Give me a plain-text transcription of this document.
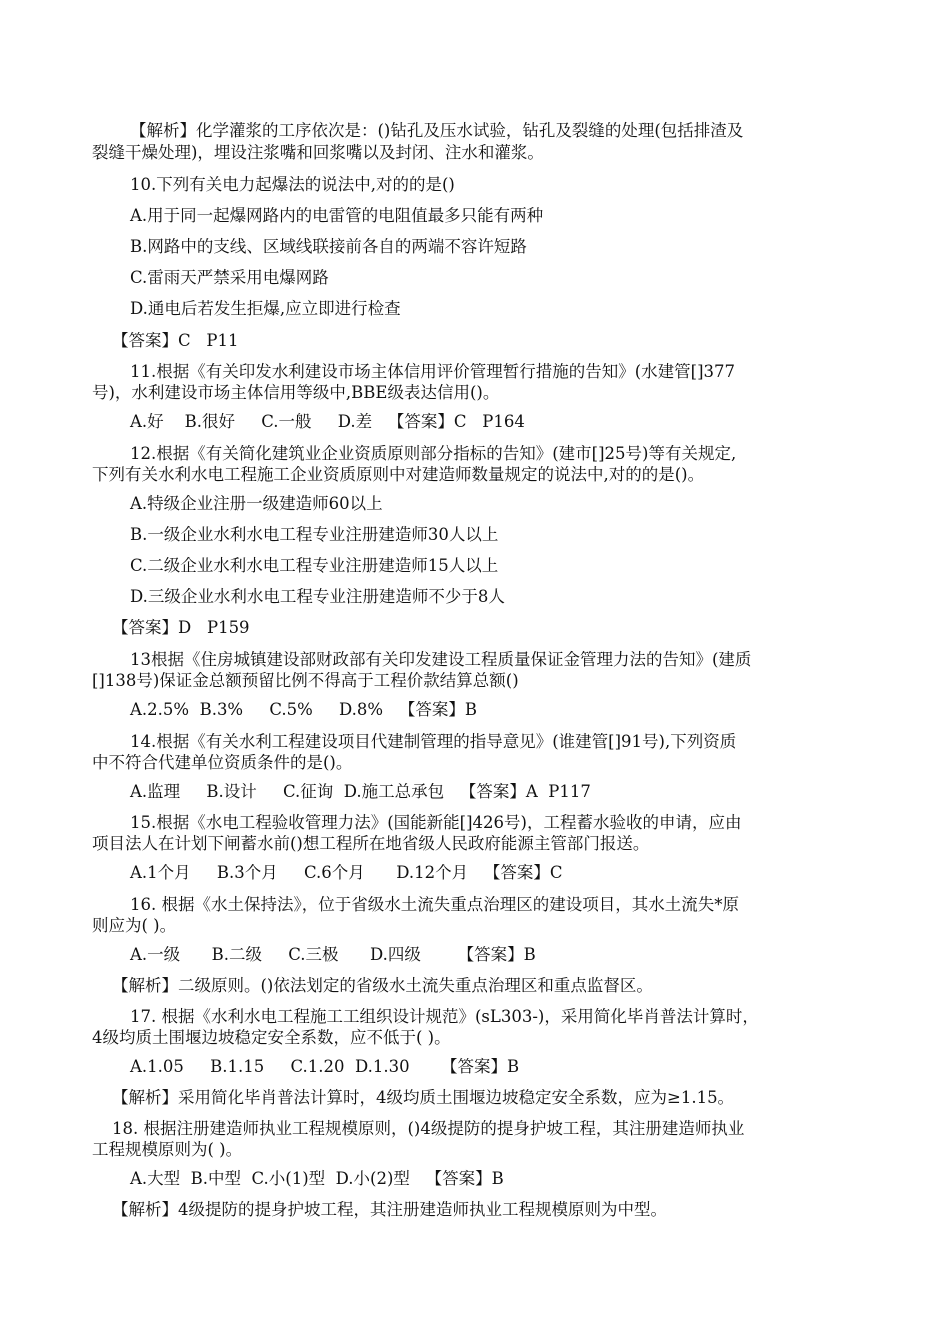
【解析】化学灌浆的工序依次是：()钻孔及压水试验，钻孔及裂缝的处理(包括排渣及
裂缝干燥处理)，埋设注浆嘴和回浆嘴以及封闭、注水和灌浆。
10.下列有关电力起爆法的说法中,对的的是()
A.用于同一起爆网路内的电雷管的电阻值最多只能有两种
B.网路中的支线、区域线联接前各自的两端不容许短路
C.雷雨天严禁采用电爆网路
D.通电后若发生拒爆,应立即进行检查
【答案】C   P11
11.根据《有关印发水利建设市场主体信用评价管理暂行措施的告知》(水建管[]377
号)，水利建设市场主体信用等级中,BBE级表达信用()。
A.好    B.很好     C.一般     D.差   【答案】C   P164
12.根据《有关简化建筑业企业资质原则部分指标的告知》(建市[]25号)等有关规定,
下列有关水利水电工程施工企业资质原则中对建造师数量规定的说法中,对的的是()。
A.特级企业注册一级建造师60以上
B.一级企业水利水电工程专业注册建造师30人以上
C.二级企业水利水电工程专业注册建造师15人以上
D.三级企业水利水电工程专业注册建造师不少于8人
【答案】D   P159
13根据《住房城镇建设部财政部有关印发建设工程质量保证金管理力法的告知》(建质
[]138号)保证金总额预留比例不得高于工程价款结算总额()
A.2.5%  B.3%     C.5%     D.8%   【答案】B
14.根据《有关水利工程建设项目代建制管理的指导意见》(谁建管[]91号),下列资质
中不符合代建单位资质条件的是()。
A.监理     B.设计     C.征询  D.施工总承包   【答案】A  P117
15.根据《水电工程验收管理力法》(国能新能[]426号)，工程蓄水验收的申请，应由
项目法人在计划下闸蓄水前()想工程所在地省级人民政府能源主管部门报送。
A.1个月     B.3个月     C.6个月      D.12个月   【答案】C
16. 根据《水土保持法》，位于省级水土流失重点治理区的建设项目，其水土流失*原
则应为( )。
A.一级      B.二级     C.三极      D.四级       【答案】B
【解析】二级原则。()依法划定的省级水土流失重点治理区和重点监督区。
17. 根据《水利水电工程施工工组织设计规范》(sL303-)，采用简化毕肖普法计算时，
4级均质土围堰边坡稳定安全系数，应不低于( )。
A.1.05     B.1.15     C.1.20  D.1.30      【答案】B
【解析】采用简化毕肖普法计算时，4级均质土围堰边坡稳定安全系数，应为≥1.15。
18. 根据注册建造师执业工程规模原则，()4级提防的提身护坡工程，其注册建造师执业
工程规模原则为( )。
A.大型  B.中型  C.小(1)型  D.小(2)型   【答案】B
【解析】4级提防的提身护坡工程，其注册建造师执业工程规模原则为中型。
